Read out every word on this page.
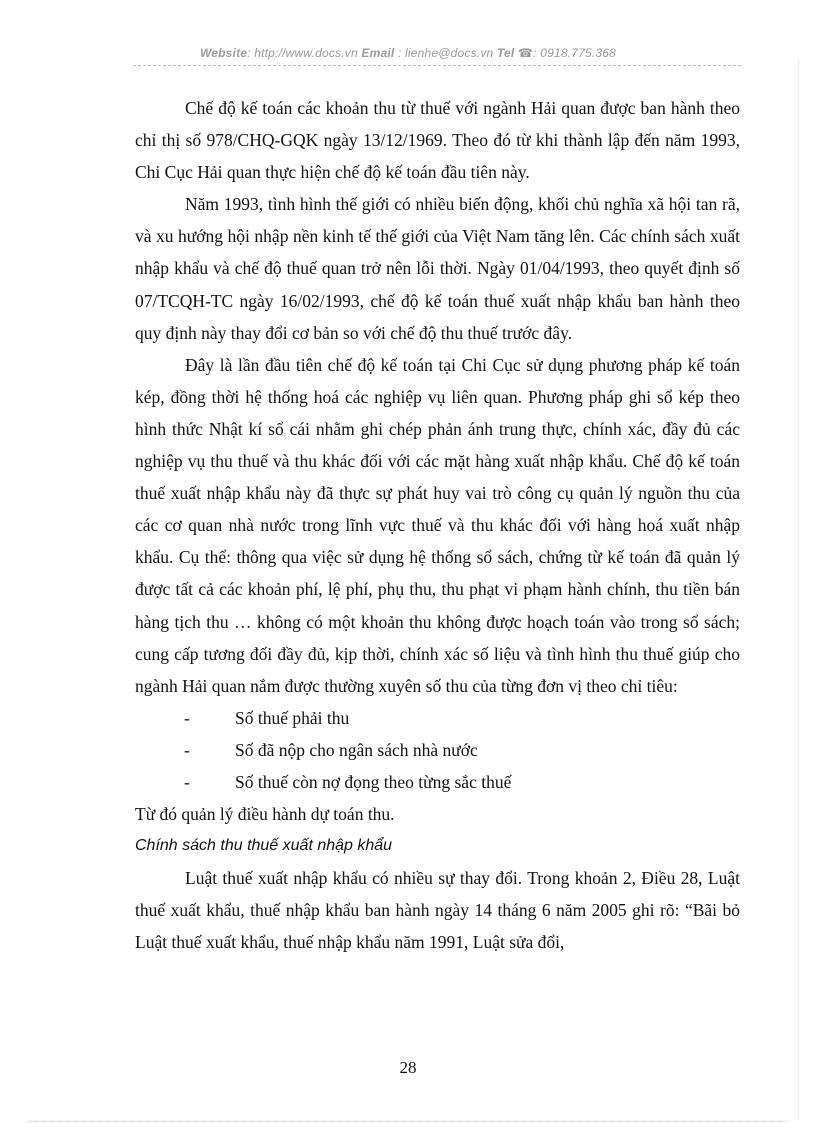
Website: http://www.docs.vn Email : lienhe@docs.vn Tel ☎: 0918.775.368

Chế độ kế toán các khoản thu từ thuế với ngành Hải quan được ban hành theo chỉ thị số 978/CHQ-GQK ngày 13/12/1969. Theo đó từ khi thành lập đến năm 1993, Chi Cục Hải quan thực hiện chế độ kế toán đầu tiên này.

Năm 1993, tình hình thế giới có nhiều biến động, khối chủ nghĩa xã hội tan rã, và xu hướng hội nhập nền kinh tế thế giới của Việt Nam tăng lên. Các chính sách xuất nhập khẩu và chế độ thuế quan trở nên lỗi thời. Ngày 01/04/1993, theo quyết định số 07/TCQH-TC ngày 16/02/1993, chế độ kế toán thuế xuất nhập khẩu ban hành theo quy định này thay đổi cơ bản so với chế độ thu thuế trước đây.

Đây là lần đầu tiên chế độ kế toán tại Chi Cục sử dụng phương pháp kế toán kép, đồng thời hệ thống hoá các nghiệp vụ liên quan. Phương pháp ghi sổ kép theo hình thức Nhật kí sổ cái nhằm ghi chép phản ánh trung thực, chính xác, đầy đủ các nghiệp vụ thu thuế và thu khác đối với các mặt hàng xuất nhập khẩu. Chế độ kế toán thuế xuất nhập khẩu này đã thực sự phát huy vai trò công cụ quản lý nguồn thu của các cơ quan nhà nước trong lĩnh vực thuế và thu khác đối với hàng hoá xuất nhập khẩu. Cụ thể: thông qua việc sử dụng hệ thống sổ sách, chứng từ kế toán đã quản lý được tất cả các khoản phí, lệ phí, phụ thu, thu phạt vi phạm hành chính, thu tiền bán hàng tịch thu … không có một khoản thu không được hoạch toán vào trong sổ sách; cung cấp tương đối đầy đủ, kịp thời, chính xác số liệu và tình hình thu thuế giúp cho ngành Hải quan nắm được thường xuyên số thu của từng đơn vị theo chỉ tiêu:

-	Số thuế phải thu
-	Số đã nộp cho ngân sách nhà nước
-	Số thuế còn nợ đọng theo từng sắc thuế

Từ đó quản lý điều hành dự toán thu.

Chính sách thu thuế xuất nhập khẩu

Luật thuế xuất nhập khẩu có nhiều sự thay đổi. Trong khoản 2, Điều 28, Luật thuế xuất khẩu, thuế nhập khẩu ban hành ngày 14 tháng 6 năm 2005 ghi rõ: “Bãi bỏ Luật thuế xuất khẩu, thuế nhập khẩu năm 1991, Luật sửa đổi,

28
